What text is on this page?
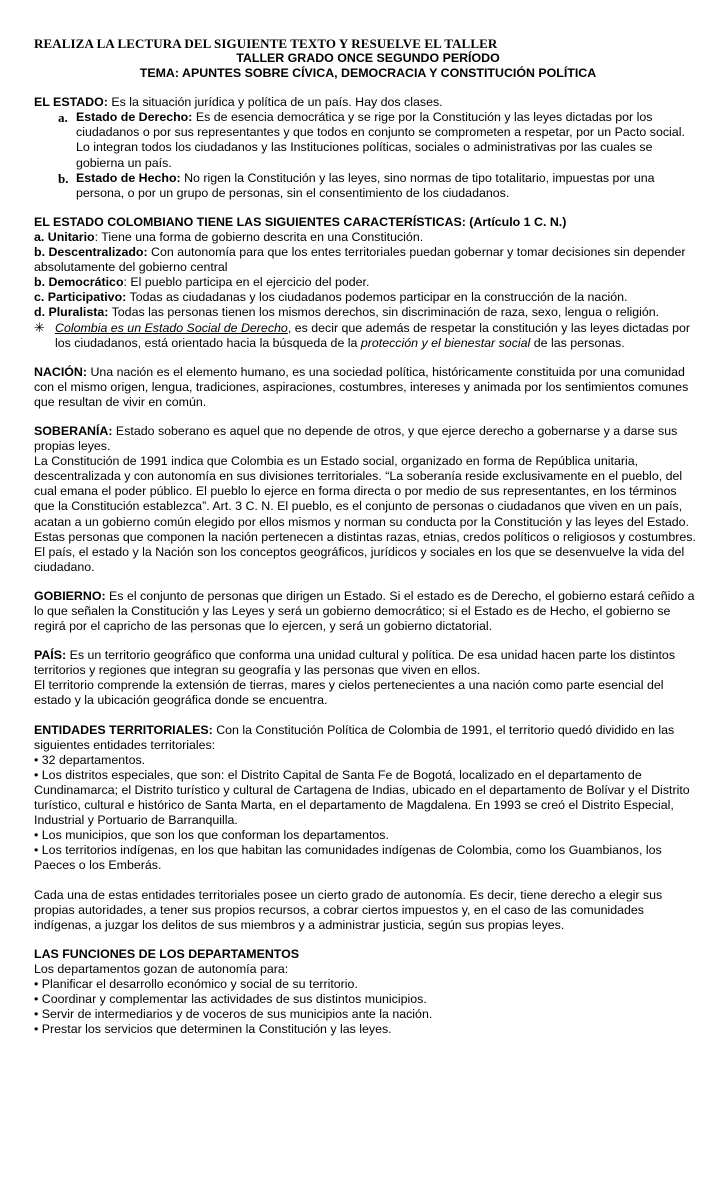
REALIZA LA LECTURA DEL SIGUIENTE TEXTO Y RESUELVE EL TALLER

TALLER GRADO ONCE SEGUNDO PERÍODO

TEMA: APUNTES SOBRE CÍVICA, DEMOCRACIA Y CONSTITUCIÓN POLÍTICA

EL ESTADO: Es la situación jurídica y política de un país. Hay dos clases.

a. Estado de Derecho: Es de esencia democrática y se rige por la Constitución y las leyes dictadas por los ciudadanos o por sus representantes y que todos en conjunto se comprometen a respetar, por un Pacto social. Lo integran todos los ciudadanos y las Instituciones políticas, sociales o administrativas por las cuales se gobierna un país.
b. Estado de Hecho: No rigen la Constitución y las leyes, sino normas de tipo totalitario, impuestas por una persona, o por un grupo de personas, sin el consentimiento de los ciudadanos.

EL ESTADO COLOMBIANO TIENE LAS SIGUIENTES CARACTERÍSTICAS: (Artículo 1 C. N.)

a. Unitario: Tiene una forma de gobierno descrita en una Constitución.

b. Descentralizado: Con autonomía para que los entes territoriales puedan gobernar y tomar decisiones sin depender absolutamente del gobierno central

b. Democrático: El pueblo participa en el ejercicio del poder.

c. Participativo: Todas as ciudadanas y los ciudadanos podemos participar en la construcción de la nación.

d. Pluralista: Todas las personas tienen los mismos derechos, sin discriminación de raza, sexo, lengua o religión.

✳ Colombia es un Estado Social de Derecho, es decir que además de respetar la constitución y las leyes dictadas por los ciudadanos, está orientado hacia la búsqueda de la protección y el bienestar social de las personas.

NACIÓN: Una nación es el elemento humano, es una sociedad política, históricamente constituida por una comunidad con el mismo origen, lengua, tradiciones, aspiraciones, costumbres, intereses y animada por los sentimientos comunes que resultan de vivir en común.

SOBERANÍA: Estado soberano es aquel que no depende de otros, y que ejerce derecho a gobernarse y a darse sus propias leyes.

La Constitución de 1991 indica que Colombia es un Estado social, organizado en forma de República unitaria, descentralizada y con autonomía en sus divisiones territoriales. “La soberanía reside exclusivamente en el pueblo, del cual emana el poder público. El pueblo lo ejerce en forma directa o por medio de sus representantes, en los términos que la Constitución establezca”. Art. 3 C. N. El pueblo, es el conjunto de personas o ciudadanos que viven en un país, acatan a un gobierno común elegido por ellos mismos y norman su conducta por la Constitución y las leyes del Estado. Estas personas que componen la nación pertenecen a distintas razas, etnias, credos políticos o religiosos y costumbres. El país, el estado y la Nación son los conceptos geográficos, jurídicos y sociales en los que se desenvuelve la vida del ciudadano.

GOBIERNO: Es el conjunto de personas que dirigen un Estado. Si el estado es de Derecho, el gobierno estará ceñido a lo que señalen la Constitución y las Leyes y será un gobierno democrático; si el Estado es de Hecho, el gobierno se regirá por el capricho de las personas que lo ejercen, y será un gobierno dictatorial.

PAÍS: Es un territorio geográfico que conforma una unidad cultural y política. De esa unidad hacen parte los distintos territorios y regiones que integran su geografía y las personas que viven en ellos.

El territorio comprende la extensión de tierras, mares y cielos pertenecientes a una nación como parte esencial del estado y la ubicación geográfica donde se encuentra.

ENTIDADES TERRITORIALES: Con la Constitución Política de Colombia de 1991, el territorio quedó dividido en las siguientes entidades territoriales:

• 32 departamentos.

• Los distritos especiales, que son: el Distrito Capital de Santa Fe de Bogotá, localizado en el departamento de Cundinamarca; el Distrito turístico y cultural de Cartagena de Indias, ubicado en el departamento de Bolívar y el Distrito turístico, cultural e histórico de Santa Marta, en el departamento de Magdalena. En 1993 se creó el Distrito Especial, Industrial y Portuario de Barranquilla.

• Los municipios, que son los que conforman los departamentos.

• Los territorios indígenas, en los que habitan las comunidades indígenas de Colombia, como los Guambianos, los Paeces o los Emberás.

Cada una de estas entidades territoriales posee un cierto grado de autonomía. Es decir, tiene derecho a elegir sus propias autoridades, a tener sus propios recursos, a cobrar ciertos impuestos y, en el caso de las comunidades indígenas, a juzgar los delitos de sus miembros y a administrar justicia, según sus propias leyes.

LAS FUNCIONES DE LOS DEPARTAMENTOS

Los departamentos gozan de autonomía para:

• Planificar el desarrollo económico y social de su territorio.

• Coordinar y complementar las actividades de sus distintos municipios.

• Servir de intermediarios y de voceros de sus municipios ante la nación.

• Prestar los servicios que determinen la Constitución y las leyes.
